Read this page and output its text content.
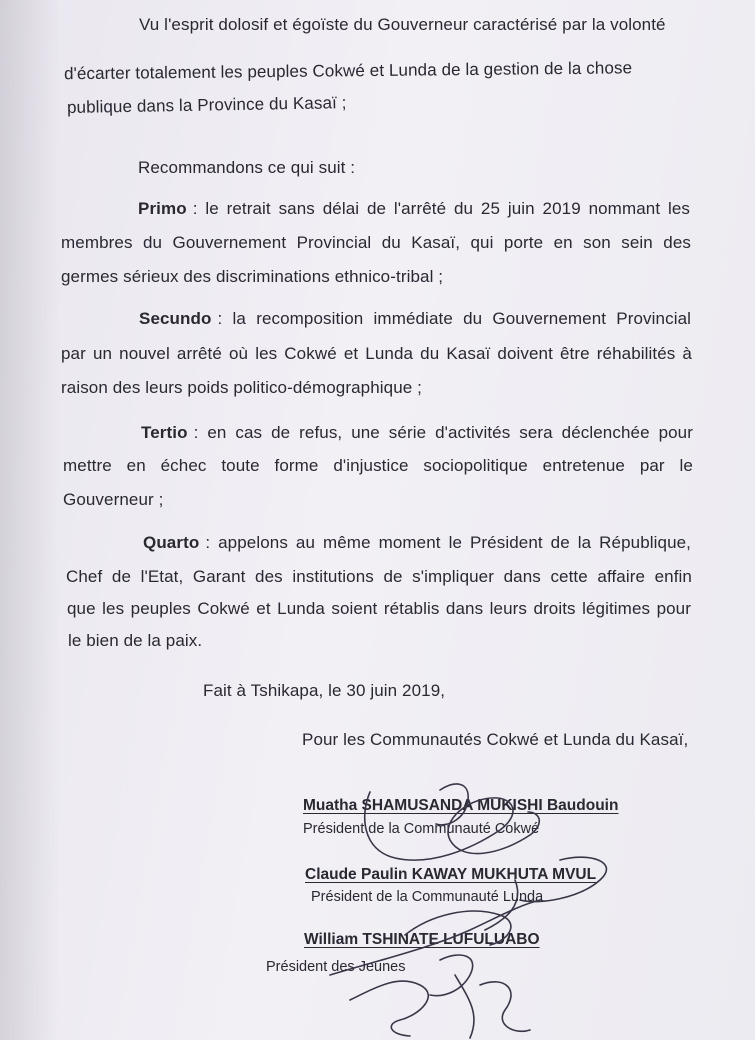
Vu l'esprit dolosif et égoïste du Gouverneur caractérisé par la volonté
d'écarter totalement les peuples Cokwé et Lunda de la gestion de la chose
publique dans la Province du Kasaï ;
Recommandons ce qui suit :
Primo : le retrait sans délai de l'arrêté du 25 juin 2019 nommant les
membres du Gouvernement Provincial du Kasaï, qui porte en son sein des
germes sérieux des discriminations ethnico-tribal ;
Secundo : la recomposition immédiate du Gouvernement Provincial
par un nouvel arrêté où les Cokwé et Lunda du Kasaï doivent être réhabilités à
raison des leurs poids politico-démographique ;
Tertio : en cas de refus, une série d'activités sera déclenchée pour
mettre en échec toute forme d'injustice sociopolitique entretenue par le
Gouverneur ;
Quarto : appelons au même moment le Président de la République,
Chef de l'Etat, Garant des institutions de s'impliquer dans cette affaire enfin
que les peuples Cokwé et Lunda soient rétablis dans leurs droits légitimes pour
le bien de la paix.
Fait à Tshikapa, le 30 juin 2019,
Pour les Communautés Cokwé et Lunda du Kasaï,
Muatha SHAMUSANDA MUKISHI Baudouin
Président de la Communauté Cokwé
Claude Paulin KAWAY MUKHUTA MVUL
Président de la Communauté Lunda
William TSHINATE LUFULUABO
Président des Jeunes
